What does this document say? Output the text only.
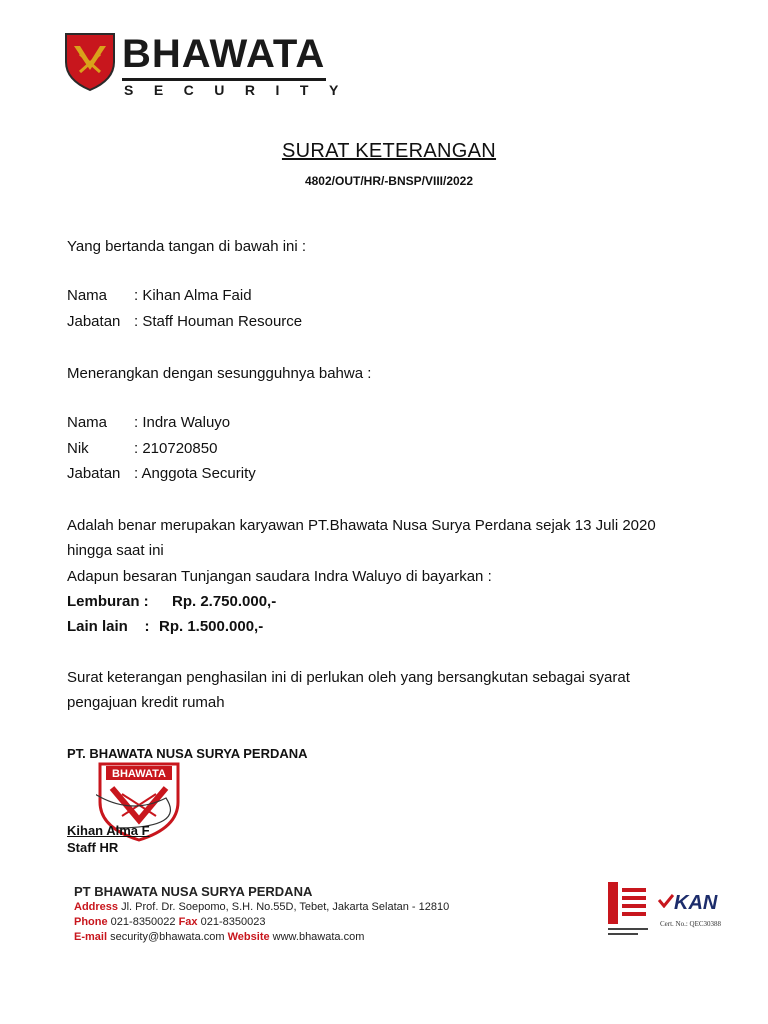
BHAWATA
SECURITY
SURAT KETERANGAN
4802/OUT/HR/-BNSP/VIII/2022
Yang bertanda tangan di bawah ini :
Nama : Kihan Alma Faid
Jabatan : Staff Houman Resource
Menerangkan dengan sesungguhnya bahwa :
Nama : Indra Waluyo
Nik	: 210720850
Jabatan : Anggota Security
Adalah benar merupakan karyawan PT.Bhawata Nusa Surya Perdana sejak 13 Juli 2020
hingga saat ini
Adapun besaran Tunjangan saudara Indra Waluyo di bayarkan :
Lemburan : Rp. 2.750.000,-
Lain lain    : Rp. 1.500.000,-
Surat keterangan penghasilan ini di perlukan oleh yang bersangkutan sebagai syarat
pengajuan kredit rumah
PT. BHAWATA NUSA SURYA PERDANA
BHAWATA
Kihan Alma F
Staff HR
PT BHAWATA NUSA SURYA PERDANA
Address Jl. Prof. Dr. Soepomo, S.H. No.55D, Tebet, Jakarta Selatan - 12810
Phone 021-8350022 Fax 021-8350023
E-mail security@bhawata.com Website www.bhawata.com
KAN
Cert. No.: QEC30388
